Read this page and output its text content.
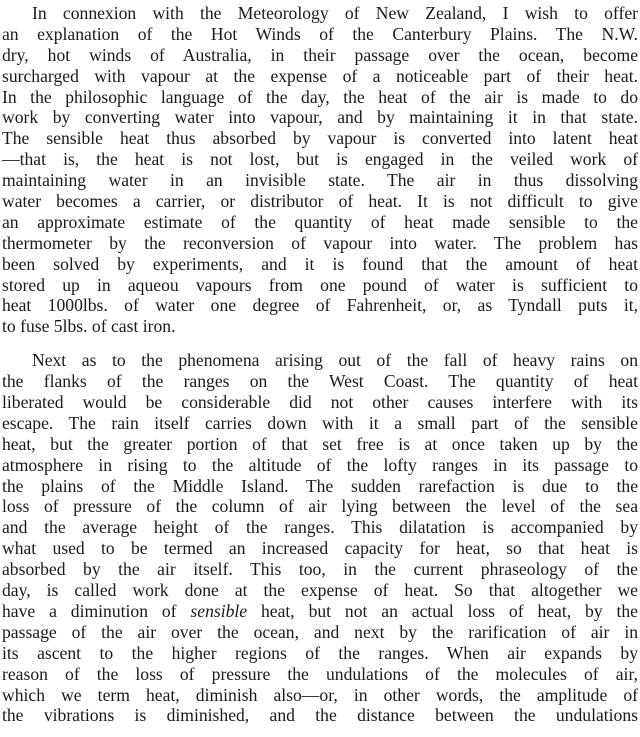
In connexion with the Meteorology of New Zealand, I wish to offer
an explanation of the Hot Winds of the Canterbury Plains. The N.W.
dry, hot winds of Australia, in their passage over the ocean, become
surcharged with vapour at the expense of a noticeable part of their heat.
In the philosophic language of the day, the heat of the air is made to do
work by converting water into vapour, and by maintaining it in that state.
The sensible heat thus absorbed by vapour is converted into latent heat
—that is, the heat is not lost, but is engaged in the veiled work of
maintaining water in an invisible state. The air in thus dissolving
water becomes a carrier, or distributor of heat. It is not difficult to give
an approximate estimate of the quantity of heat made sensible to the
thermometer by the reconversion of vapour into water. The problem has
been solved by experiments, and it is found that the amount of heat
stored up in aqueou vapours from one pound of water is sufficient to
heat 1000lbs. of water one degree of Fahrenheit, or, as Tyndall puts it,
to fuse 5lbs. of cast iron.
Next as to the phenomena arising out of the fall of heavy rains on
the flanks of the ranges on the West Coast. The quantity of heat
liberated would be considerable did not other causes interfere with its
escape. The rain itself carries down with it a small part of the sensible
heat, but the greater portion of that set free is at once taken up by the
atmosphere in rising to the altitude of the lofty ranges in its passage to
the plains of the Middle Island. The sudden rarefaction is due to the
loss of pressure of the column of air lying between the level of the sea
and the average height of the ranges. This dilatation is accompanied by
what used to be termed an increased capacity for heat, so that heat is
absorbed by the air itself. This too, in the current phraseology of the
day, is called work done at the expense of heat. So that altogether we
have a diminution of sensible heat, but not an actual loss of heat, by the
passage of the air over the ocean, and next by the rarification of air in
its ascent to the higher regions of the ranges. When air expands by
reason of the loss of pressure the undulations of the molecules of air,
which we term heat, diminish also—or, in other words, the amplitude of
the vibrations is diminished, and the distance between the undulations
